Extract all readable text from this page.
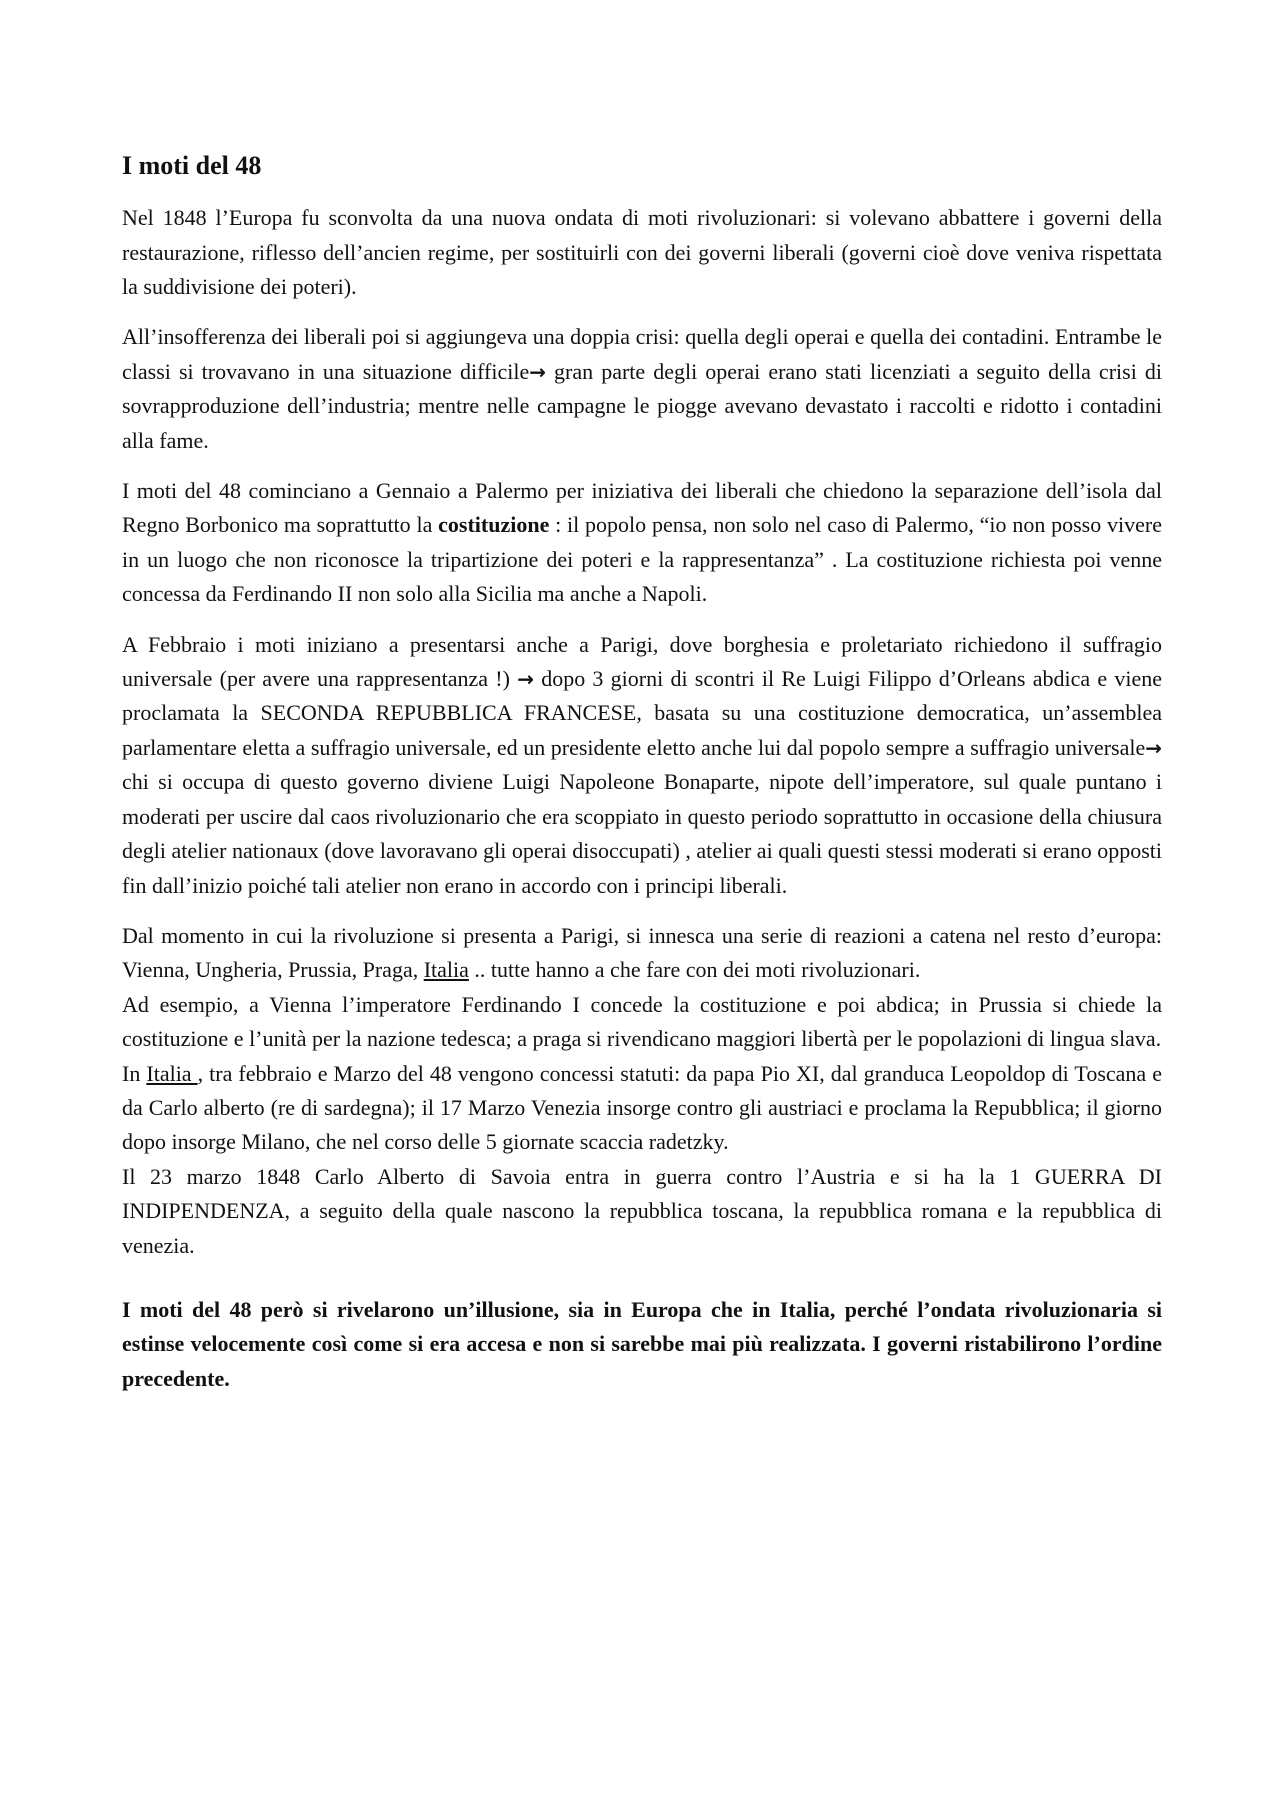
I moti del 48

Nel 1848 l’Europa fu sconvolta da una nuova ondata di moti rivoluzionari: si volevano abbattere i governi della restaurazione, riflesso dell’ancien regime, per sostituirli con dei governi liberali (governi cioè dove veniva rispettata la suddivisione dei poteri).

All’insofferenza dei liberali poi si aggiungeva una doppia crisi: quella degli operai e quella dei contadini. Entrambe le classi si trovavano in una situazione difficile→ gran parte degli operai erano stati licenziati a seguito della crisi di sovrapproduzione dell’industria; mentre nelle campagne le piogge avevano devastato i raccolti e ridotto i contadini alla fame.

I moti del 48 cominciano a Gennaio a Palermo per iniziativa dei liberali che chiedono la separazione dell’isola dal Regno Borbonico ma soprattutto la costituzione : il popolo pensa, non solo nel caso di Palermo, “io non posso vivere in un luogo che non riconosce la tripartizione dei poteri e la rappresentanza” . La costituzione richiesta poi venne concessa da Ferdinando II non solo alla Sicilia ma anche a Napoli.

A Febbraio i moti iniziano a presentarsi anche a Parigi, dove borghesia e proletariato richiedono il suffragio universale (per avere una rappresentanza !) → dopo 3 giorni di scontri il Re Luigi Filippo d’Orleans abdica e viene proclamata la SECONDA REPUBBLICA FRANCESE, basata su una costituzione democratica, un’assemblea parlamentare eletta a suffragio universale, ed un presidente eletto anche lui dal popolo sempre a suffragio universale→ chi si occupa di questo governo diviene Luigi Napoleone Bonaparte, nipote dell’imperatore, sul quale puntano i moderati per uscire dal caos rivoluzionario che era scoppiato in questo periodo soprattutto in occasione della chiusura degli atelier nationaux (dove lavoravano gli operai disoccupati) , atelier ai quali questi stessi moderati si erano opposti fin dall’inizio poiché tali atelier non erano in accordo con i principi liberali.

Dal momento in cui la rivoluzione si presenta a Parigi, si innesca una serie di reazioni a catena nel resto d’europa: Vienna, Ungheria, Prussia, Praga, Italia .. tutte hanno a che fare con dei moti rivoluzionari.

Ad esempio, a Vienna l’imperatore Ferdinando I concede la costituzione e poi abdica; in Prussia si chiede la costituzione e l’unità per la nazione tedesca; a praga si rivendicano maggiori libertà per le popolazioni di lingua slava.

In Italia , tra febbraio e Marzo del 48 vengono concessi statuti: da papa Pio XI, dal granduca Leopoldop di Toscana e da Carlo alberto (re di sardegna); il 17 Marzo Venezia insorge contro gli austriaci e proclama la Repubblica; il giorno dopo insorge Milano, che nel corso delle 5 giornate scaccia radetzky.

Il 23 marzo 1848 Carlo Alberto di Savoia entra in guerra contro l’Austria e si ha la 1 GUERRA DI INDIPENDENZA, a seguito della quale nascono la repubblica toscana, la repubblica romana e la repubblica di venezia.

I moti del 48 però si rivelarono un’illusione, sia in Europa che in Italia, perché l’ondata rivoluzionaria si estinse velocemente così come si era accesa e non si sarebbe mai più realizzata. I governi ristabilirono l’ordine precedente.
